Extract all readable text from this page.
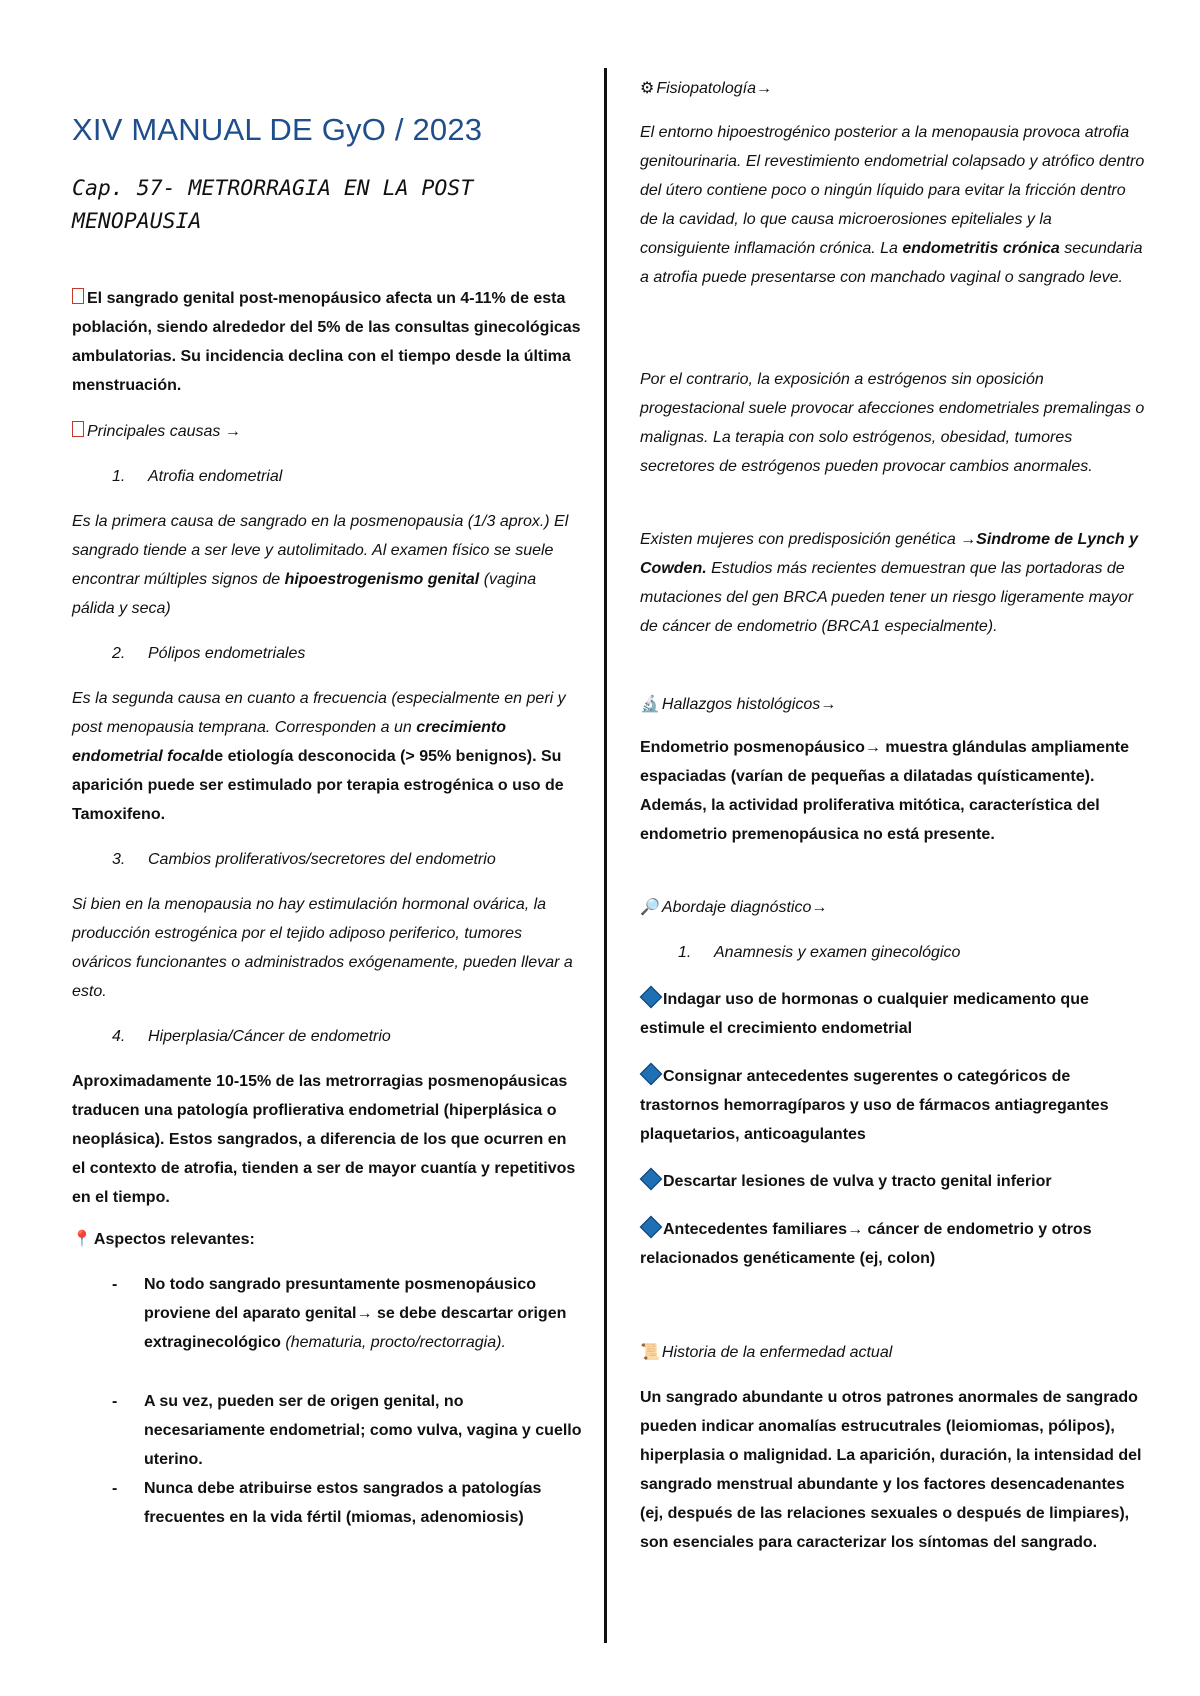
XIV MANUAL DE GyO / 2023
Cap. 57- METRORRAGIA EN LA POST MENOPAUSIA

El sangrado genital post-menopáusico afecta un 4-11% de esta población, siendo alrededor del 5% de las consultas ginecológicas ambulatorias. Su incidencia declina con el tiempo desde la última menstruación.

Principales causas →

1. Atrofia endometrial

Es la primera causa de sangrado en la posmenopausia (1/3 aprox.) El sangrado tiende a ser leve y autolimitado. Al examen físico se suele encontrar múltiples signos de hipoestrogenismo genital (vagina pálida y seca)

2. Pólipos endometriales

Es la segunda causa en cuanto a frecuencia (especialmente en peri y post menopausia temprana. Corresponden a un crecimiento endometrial focalde etiología desconocida (> 95% benignos). Su aparición puede ser estimulado por terapia estrogénica o uso de Tamoxifeno.

3. Cambios proliferativos/secretores del endometrio

Si bien en la menopausia no hay estimulación hormonal ovárica, la producción estrogénica por el tejido adiposo periferico, tumores ováricos funcionantes o administrados exógenamente, pueden llevar a esto.

4. Hiperplasia/Cáncer de endometrio

Aproximadamente 10-15% de las metrorragias posmenopáusicas traducen una patología proflierativa endometrial (hiperplásica o neoplásica). Estos sangrados, a diferencia de los que ocurren en el contexto de atrofia, tienden a ser de mayor cuantía y repetitivos en el tiempo.

📍 Aspectos relevantes:

- No todo sangrado presuntamente posmenopáusico proviene del aparato genital→ se debe descartar origen extraginecológico (hematuria, procto/rectorragia).
- A su vez, pueden ser de origen genital, no necesariamente endometrial; como vulva, vagina y cuello uterino.
- Nunca debe atribuirse estos sangrados a patologías frecuentes en la vida fértil (miomas, adenomiosis)

⚙ Fisiopatología→

El entorno hipoestrogénico posterior a la menopausia provoca atrofia genitourinaria. El revestimiento endometrial colapsado y atrófico dentro del útero contiene poco o ningún líquido para evitar la fricción dentro de la cavidad, lo que causa microerosiones epiteliales y la consiguiente inflamación crónica. La endometritis crónica secundaria a atrofia puede presentarse con manchado vaginal o sangrado leve.

Por el contrario, la exposición a estrógenos sin oposición progestacional suele provocar afecciones endometriales premalingas o malignas. La terapia con solo estrógenos, obesidad, tumores secretores de estrógenos pueden provocar cambios anormales.

Existen mujeres con predisposición genética →Sindrome de Lynch y Cowden. Estudios más recientes demuestran que las portadoras de mutaciones del gen BRCA pueden tener un riesgo ligeramente mayor de cáncer de endometrio (BRCA1 especialmente).

🔬 Hallazgos histológicos→

Endometrio posmenopáusico→ muestra glándulas ampliamente espaciadas (varían de pequeñas a dilatadas quísticamente). Además, la actividad proliferativa mitótica, característica del endometrio premenopáusica no está presente.

🔎 Abordaje diagnóstico→

1. Anamnesis y examen ginecológico

Indagar uso de hormonas o cualquier medicamento que estimule el crecimiento endometrial

Consignar antecedentes sugerentes o categóricos de trastornos hemorragíparos y uso de fármacos antiagregantes plaquetarios, anticoagulantes

Descartar lesiones de vulva y tracto genital inferior

Antecedentes familiares→ cáncer de endometrio y otros relacionados genéticamente (ej, colon)

📜 Historia de la enfermedad actual

Un sangrado abundante u otros patrones anormales de sangrado pueden indicar anomalías estrucutrales (leiomiomas, pólipos), hiperplasia o malignidad. La aparición, duración, la intensidad del sangrado menstrual abundante y los factores desencadenantes (ej, después de las relaciones sexuales o después de limpiares), son esenciales para caracterizar los síntomas del sangrado.
